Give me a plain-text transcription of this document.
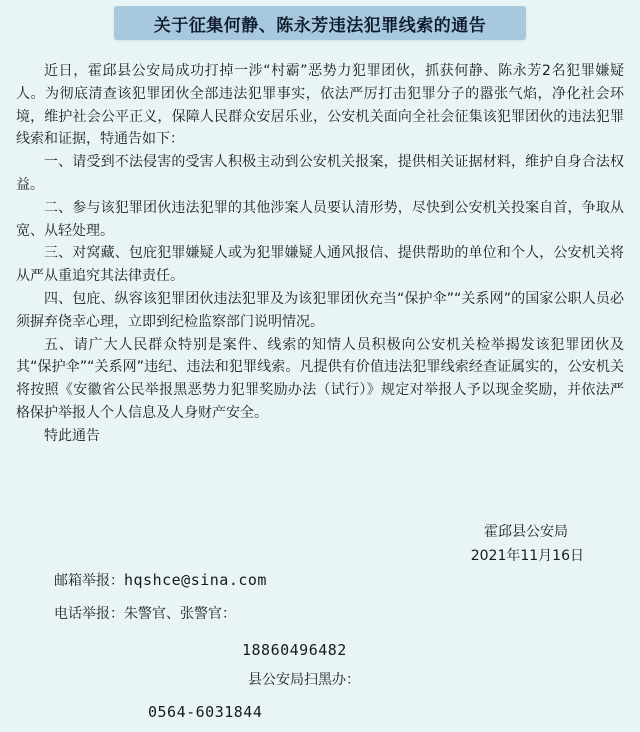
关于征集何静、陈永芳违法犯罪线索的通告

近日，霍邱县公安局成功打掉一涉“村霸”恶势力犯罪团伙，抓获何静、陈永芳2名犯罪嫌疑人。为彻底清查该犯罪团伙全部违法犯罪事实，依法严厉打击犯罪分子的嚣张气焰，净化社会环境，维护社会公平正义，保障人民群众安居乐业，公安机关面向全社会征集该犯罪团伙的违法犯罪线索和证据，特通告如下：

一、请受到不法侵害的受害人积极主动到公安机关报案，提供相关证据材料，维护自身合法权益。

二、参与该犯罪团伙违法犯罪的其他涉案人员要认清形势，尽快到公安机关投案自首，争取从宽、从轻处理。

三、对窝藏、包庇犯罪嫌疑人或为犯罪嫌疑人通风报信、提供帮助的单位和个人，公安机关将从严从重追究其法律责任。

四、包庇、纵容该犯罪团伙违法犯罪及为该犯罪团伙充当“保护伞”“关系网”的国家公职人员必须摒弃侥幸心理，立即到纪检监察部门说明情况。

五、请广大人民群众特别是案件、线索的知情人员积极向公安机关检举揭发该犯罪团伙及其“保护伞”“关系网”违纪、违法和犯罪线索。凡提供有价值违法犯罪线索经查证属实的，公安机关将按照《安徽省公民举报黑恶势力犯罪奖励办法（试行）》规定对举报人予以现金奖励，并依法严格保护举报人个人信息及人身财产安全。

特此通告

霍邱县公安局
2021年11月16日
邮箱举报：hqshce@sina.com
电话举报：朱警官、张警官：
18860496482
县公安局扫黑办：
0564-6031844
